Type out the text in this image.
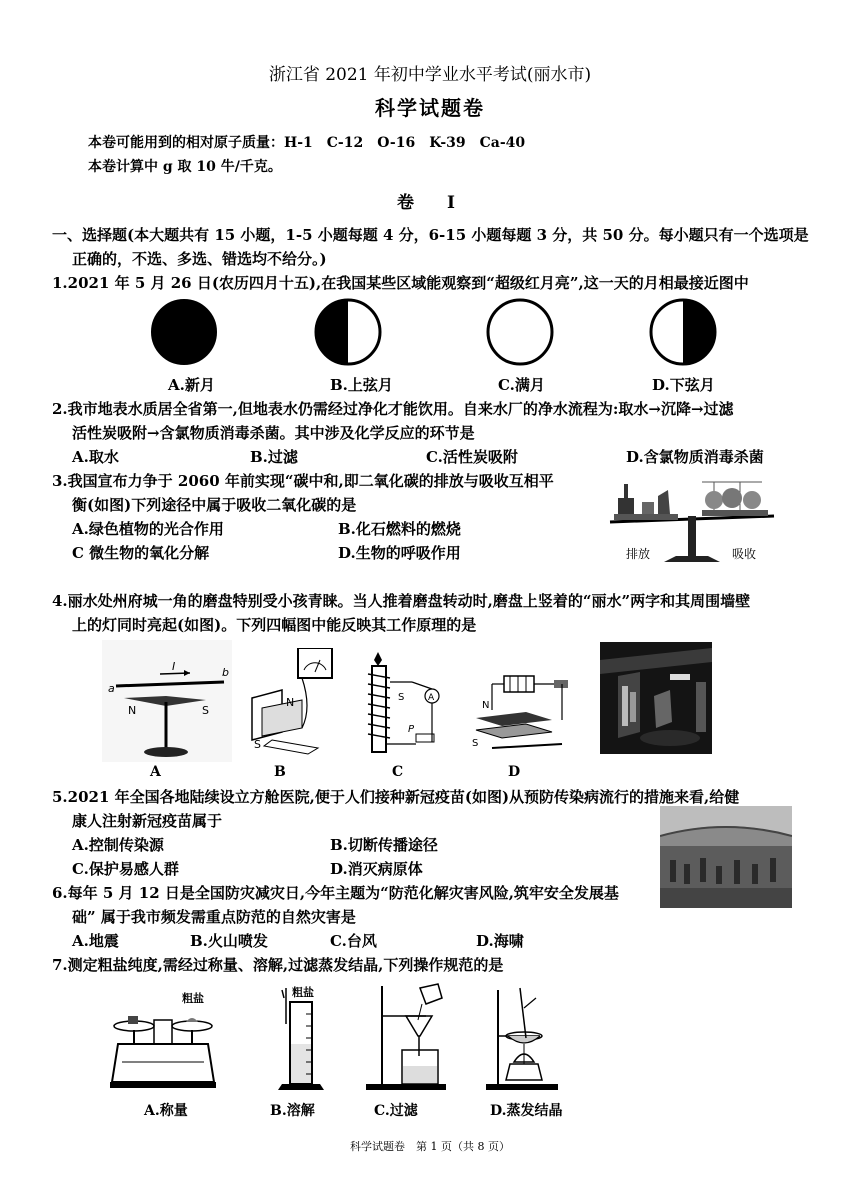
浙江省 2021 年初中学业水平考试(丽水市)
科学试题卷
本卷可能用到的相对原子质量：H-1　C-12　O-16　K-39　Ca-40
本卷计算中 g 取 10 牛/千克。
卷　I
一、选择题(本大题共有 15 小题，1-5 小题每题 4 分，6-15 小题每题 3 分，共 50 分。每小题只有一个选项是
正确的，不选、多选、错选均不给分。)
1.2021 年 5 月 26 日(农历四月十五),在我国某些区域能观察到“超级红月亮”,这一天的月相最接近图中
A.新月	B.上弦月	C.满月	D.下弦月
2.我市地表水质居全省第一,但地表水仍需经过净化才能饮用。自来水厂的净水流程为:取水→沉降→过滤
活性炭吸附→含氯物质消毒杀菌。其中涉及化学反应的环节是
A.取水	B.过滤	C.活性炭吸附	D.含氯物质消毒杀菌
3.我国宣布力争于 2060 年前实现“碳中和,即二氧化碳的排放与吸收互相平
衡(如图)下列途径中属于吸收二氧化碳的是
A.绿色植物的光合作用	B.化石燃料的燃烧
C 微生物的氧化分解	D.生物的呼吸作用	排放	吸收
4.丽水处州府城一角的磨盘特别受小孩青睐。当人推着磨盘转动时,磨盘上竖着的“丽水”两字和其周围墙壁
上的灯同时亮起(如图)。下列四幅图中能反映其工作原理的是
I
a
b
N	S
A
N
S
B
S	A
P
C
N
S
D
5.2021 年全国各地陆续设立方舱医院,便于人们接种新冠疫苗(如图)从预防传染病流行的措施来看,给健
康人注射新冠疫苗属于
A.控制传染源	B.切断传播途径
C.保护易感人群	D.消灭病原体
6.每年 5 月 12 日是全国防灾减灾日,今年主题为“防范化解灾害风险,筑牢安全发展基
础” 属于我市频发需重点防范的自然灾害是
A.地震	B.火山喷发	C.台风	D.海啸
7.测定粗盐纯度,需经过称量、溶解,过滤蒸发结晶,下列操作规范的是
粗盐
A.称量
粗盐
B.溶解	C.过滤	D.蒸发结晶
科学试题卷　第 1 页（共 8 页）
